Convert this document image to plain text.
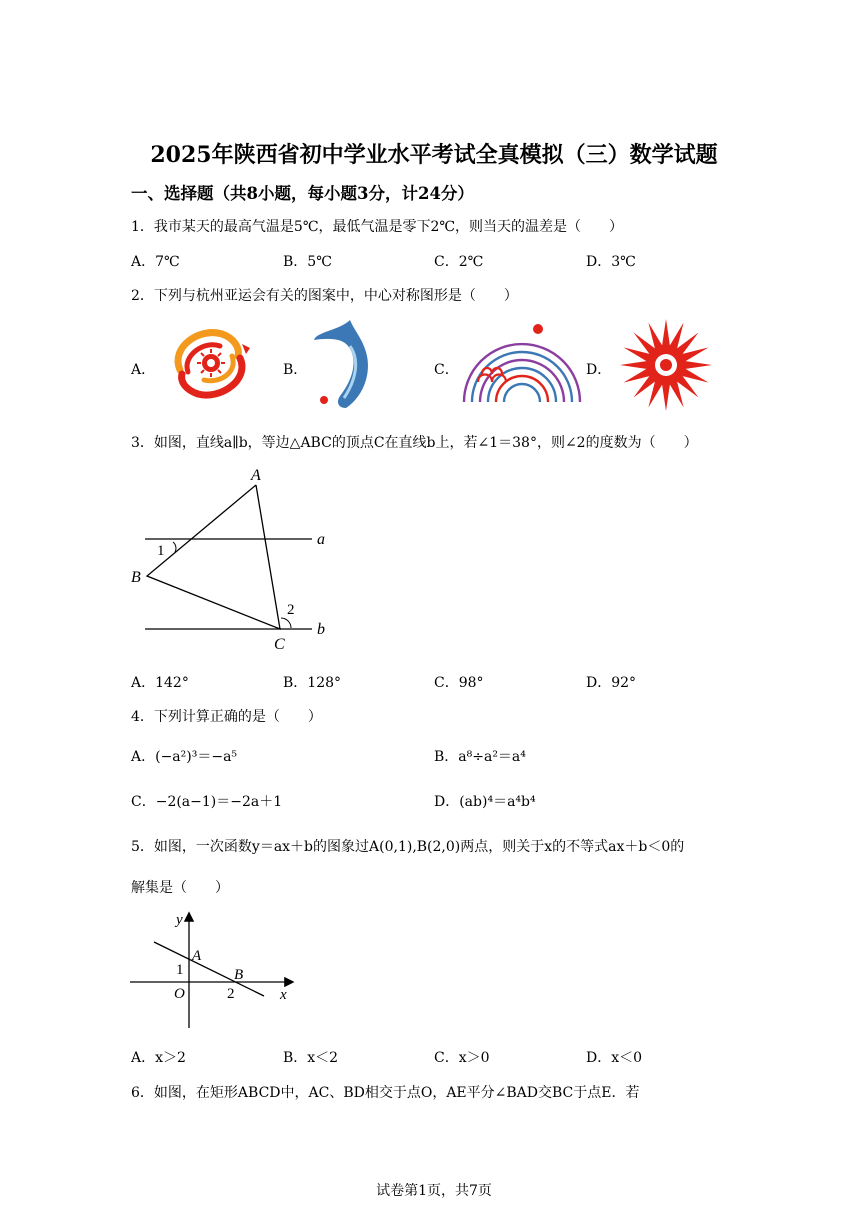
2025年陕西省初中学业水平考试全真模拟（三）数学试题
一、选择题（共8小题，每小题3分，计24分）
1．我市某天的最高气温是5℃，最低气温是零下2℃，则当天的温差是（　　）
A．7℃	B．5℃	C．2℃	D．3℃
2．下列与杭州亚运会有关的图案中，中心对称图形是（　　）
A．	B．	C．	D．
3．如图，直线a∥b，等边△ABC的顶点C在直线b上，若∠1＝38°，则∠2的度数为（　　）
A
1
a
B
2
C
b
A．142°	B．128°	C．98°	D．92°
4．下列计算正确的是（　　）
A．(−a²)³＝−a⁵	B．a⁸÷a²＝a⁴
C．−2(a−1)＝−2a＋1	D．(ab)⁴＝a⁴b⁴
5．如图，一次函数y＝ax＋b的图象过A(0,1),B(2,0)两点，则关于x的不等式ax＋b＜0的
解集是（　　）
y
A
1	B
O	2	x
A．x＞2	B．x＜2	C．x＞0	D．x＜0
6．如图，在矩形ABCD中，AC、BD相交于点O，AE平分∠BAD交BC于点E．若
试卷第1页，共7页
